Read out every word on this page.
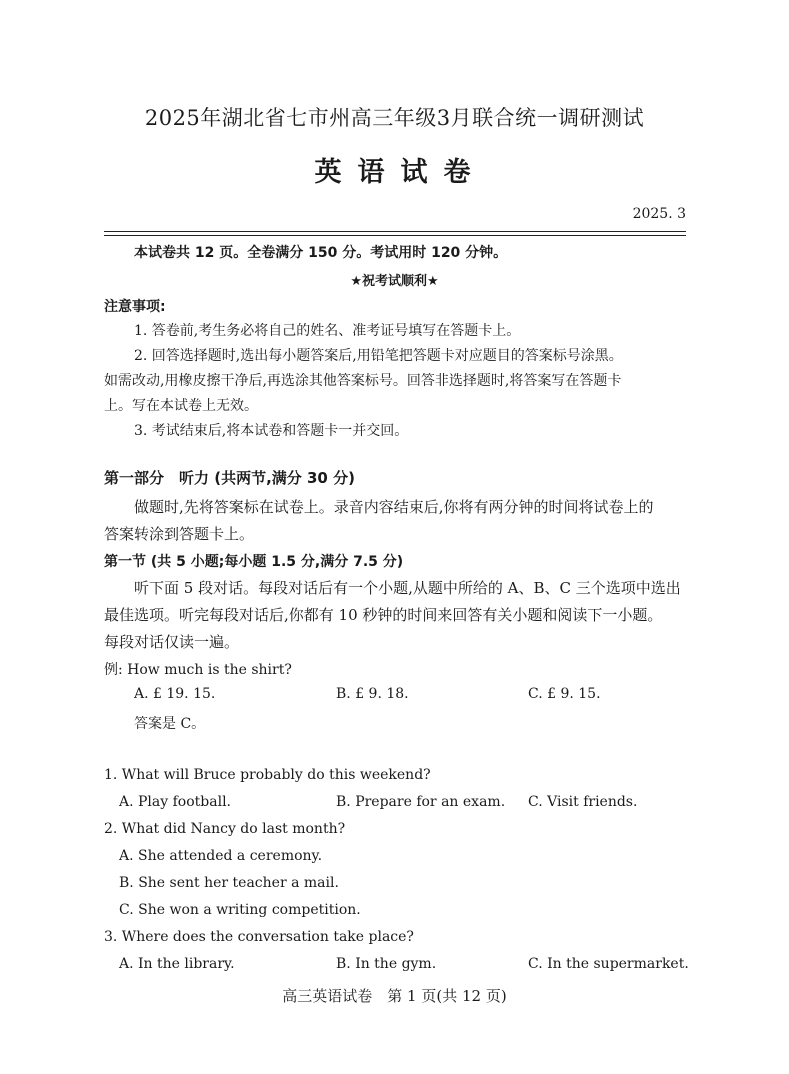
2025年湖北省七市州高三年级3月联合统一调研测试
英语试卷
2025. 3
本试卷共 12 页。全卷满分 150 分。考试用时 120 分钟。
★祝考试顺利★
注意事项:
1. 答卷前,考生务必将自己的姓名、准考证号填写在答题卡上。
2. 回答选择题时,选出每小题答案后,用铅笔把答题卡对应题目的答案标号涂黑。
如需改动,用橡皮擦干净后,再选涂其他答案标号。回答非选择题时,将答案写在答题卡
上。写在本试卷上无效。
3. 考试结束后,将本试卷和答题卡一并交回。
第一部分　听力 (共两节,满分 30 分)
做题时,先将答案标在试卷上。录音内容结束后,你将有两分钟的时间将试卷上的
答案转涂到答题卡上。
第一节 (共 5 小题;每小题 1.5 分,满分 7.5 分)
听下面 5 段对话。每段对话后有一个小题,从题中所给的 A、B、C 三个选项中选出
最佳选项。听完每段对话后,你都有 10 秒钟的时间来回答有关小题和阅读下一小题。
每段对话仅读一遍。
例: How much is the shirt?
A. £ 19. 15.	B. £ 9. 18.	C. £ 9. 15.
答案是 C。
1. What will Bruce probably do this weekend?
A. Play football.	B. Prepare for an exam. C. Visit friends.
2. What did Nancy do last month?
A. She attended a ceremony.
B. She sent her teacher a mail.
C. She won a writing competition.
3. Where does the conversation take place?
A. In the library.	B. In the gym.	C. In the supermarket.
高三英语试卷　第 1 页(共 12 页)
